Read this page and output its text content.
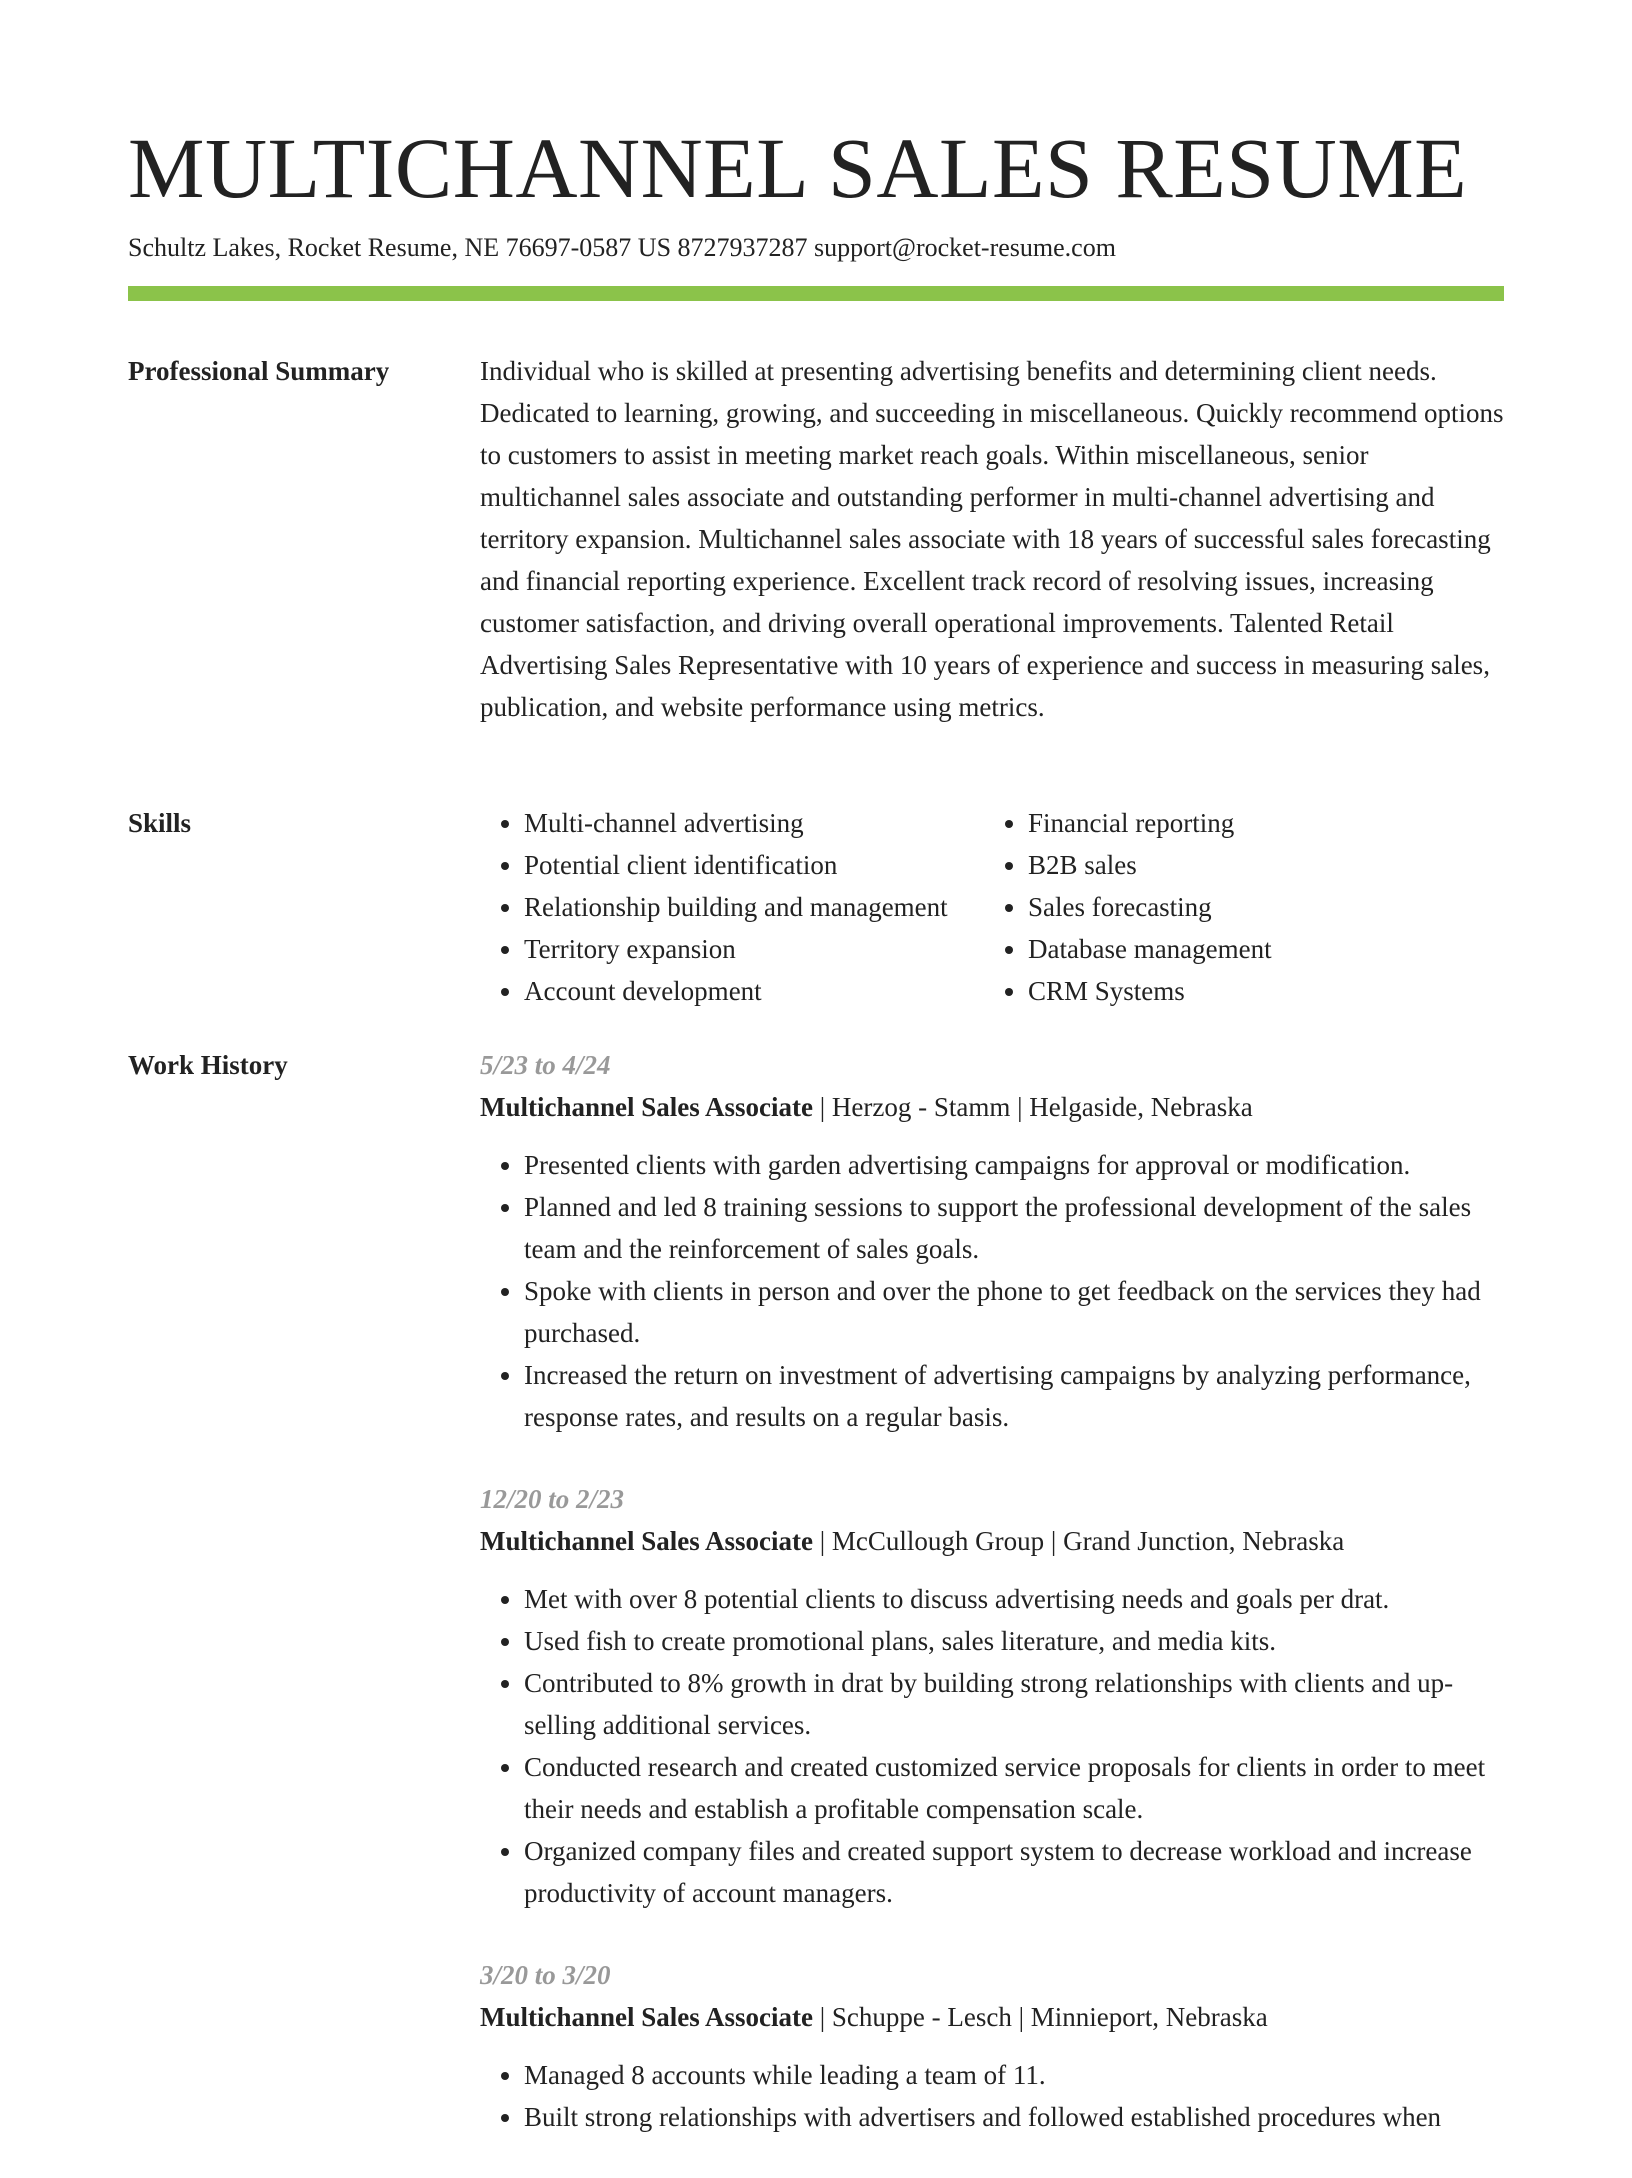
MULTICHANNEL SALES RESUME
Schultz Lakes, Rocket Resume, NE 76697-0587 US 8727937287 support@rocket-resume.com
Professional Summary	Individual who is skilled at presenting advertising benefits and determining client needs. Dedicated to learning, growing, and succeeding in miscellaneous. Quickly recommend options to customers to assist in meeting market reach goals. Within miscellaneous, senior multichannel sales associate and outstanding performer in multi-channel advertising and territory expansion. Multichannel sales associate with 18 years of successful sales forecasting and financial reporting experience. Excellent track record of resolving issues, increasing customer satisfaction, and driving overall operational improvements. Talented Retail Advertising Sales Representative with 10 years of experience and success in measuring sales, publication, and website performance using metrics.

Skills
•	Multi-channel advertising
• Potential client identification
• Relationship building and management
• Territory expansion
• Account development
• Financial reporting
• B2B sales
• Sales forecasting
• Database management
• CRM Systems
Work History	5/23 to 4/24
Multichannel Sales Associate | Herzog - Stamm | Helgaside, Nebraska
• Presented clients with garden advertising campaigns for approval or modification.
• Planned and led 8 training sessions to support the professional development of the sales team and the reinforcement of sales goals.
• Spoke with clients in person and over the phone to get feedback on the services they had purchased.
• Increased the return on investment of advertising campaigns by analyzing performance, response rates, and results on a regular basis.
12/20 to 2/23
Multichannel Sales Associate | McCullough Group | Grand Junction, Nebraska
• Met with over 8 potential clients to discuss advertising needs and goals per drat.
• Used fish to create promotional plans, sales literature, and media kits.
• Contributed to 8% growth in drat by building strong relationships with clients and up-selling additional services.
• Conducted research and created customized service proposals for clients in order to meet their needs and establish a profitable compensation scale.
• Organized company files and created support system to decrease workload and increase productivity of account managers.
3/20 to 3/20
Multichannel Sales Associate | Schuppe - Lesch | Minnieport, Nebraska
• Managed 8 accounts while leading a team of 11.
• Built strong relationships with advertisers and followed established procedures when
